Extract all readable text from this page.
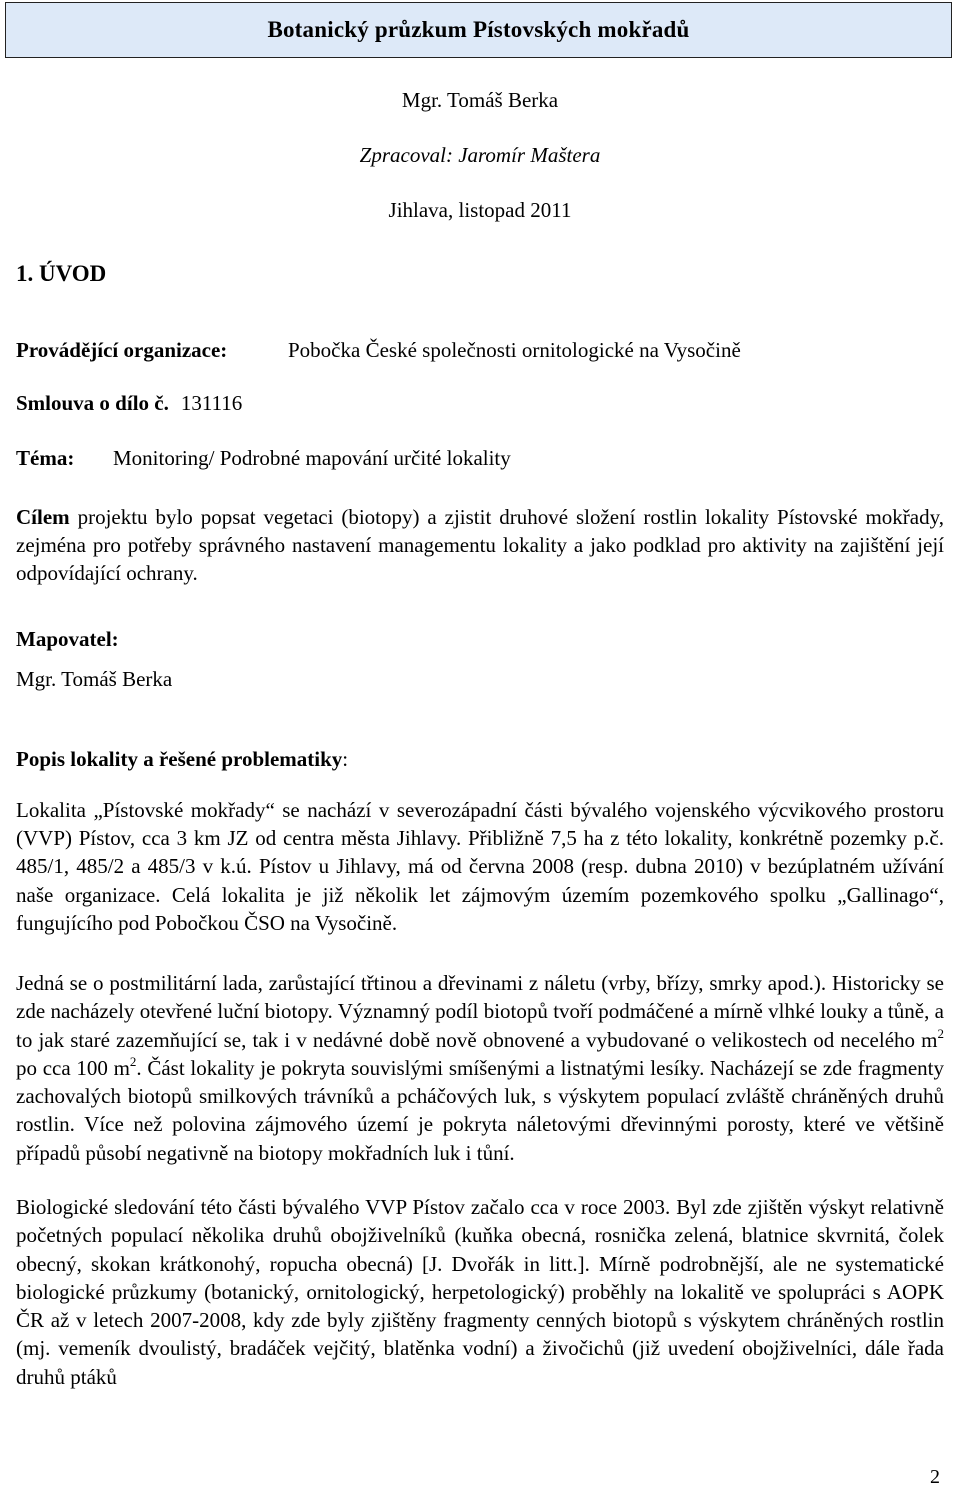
Botanický průzkum Pístovských mokřadů
Mgr. Tomáš Berka
Zpracoval: Jaromír Maštera
Jihlava, listopad 2011
1. ÚVOD
Provádějící organizace:	Pobočka České společnosti ornitologické na Vysočině
Smlouva o dílo č. 131116
Téma: Monitoring/ Podrobné mapování určité lokality
Cílem projektu bylo popsat vegetaci (biotopy) a zjistit druhové složení rostlin lokality Pístovské mokřady, zejména pro potřeby správného nastavení managementu lokality a jako podklad pro aktivity na zajištění její odpovídající ochrany.
Mapovatel:
Mgr. Tomáš Berka
Popis lokality a řešené problematiky:
Lokalita „Pístovské mokřady“ se nachází v severozápadní části bývalého vojenského výcvikového prostoru (VVP) Pístov, cca 3 km JZ od centra města Jihlavy. Přibližně 7,5 ha z této lokality, konkrétně pozemky p.č. 485/1, 485/2 a 485/3 v k.ú. Pístov u Jihlavy, má od června 2008 (resp. dubna 2010) v bezúplatném užívání naše organizace. Celá lokalita je již několik let zájmovým územím pozemkového spolku „Gallinago“, fungujícího pod Pobočkou ČSO na Vysočině.
Jedná se o postmilitární lada, zarůstající třtinou a dřevinami z náletu (vrby, břízy, smrky apod.). Historicky se zde nacházely otevřené luční biotopy. Významný podíl biotopů tvoří podmáčené a mírně vlhké louky a tůně, a to jak staré zazemňující se, tak i v nedávné době nově obnovené a vybudované o velikostech od necelého $m^2$ po cca 100 $m^2$. Část lokality je pokryta souvislými smíšenými a listnatými lesíky. Nacházejí se zde fragmenty zachovalých biotopů smilkových trávníků a pcháčových luk, s výskytem populací zvláště chráněných druhů rostlin. Více než polovina zájmového území je pokryta náletovými dřevinnými porosty, které ve většině případů působí negativně na biotopy mokřadních luk i tůní.
Biologické sledování této části bývalého VVP Pístov začalo cca v roce 2003. Byl zde zjištěn výskyt relativně početných populací několika druhů obojživelníků (kuňka obecná, rosnička zelená, blatnice skvrnitá, čolek obecný, skokan krátkonohý, ropucha obecná) [J. Dvořák in litt.]. Mírně podrobnější, ale ne systematické biologické průzkumy (botanický, ornitologický, herpetologický) proběhly na lokalitě ve spolupráci s AOPK ČR až v letech 2007-2008, kdy zde byly zjištěny fragmenty cenných biotopů s výskytem chráněných rostlin (mj. vemeník dvoulistý, bradáček vejčitý, blatěnka vodní) a živočichů (již uvedení obojživelníci, dále řada druhů ptáků
2
